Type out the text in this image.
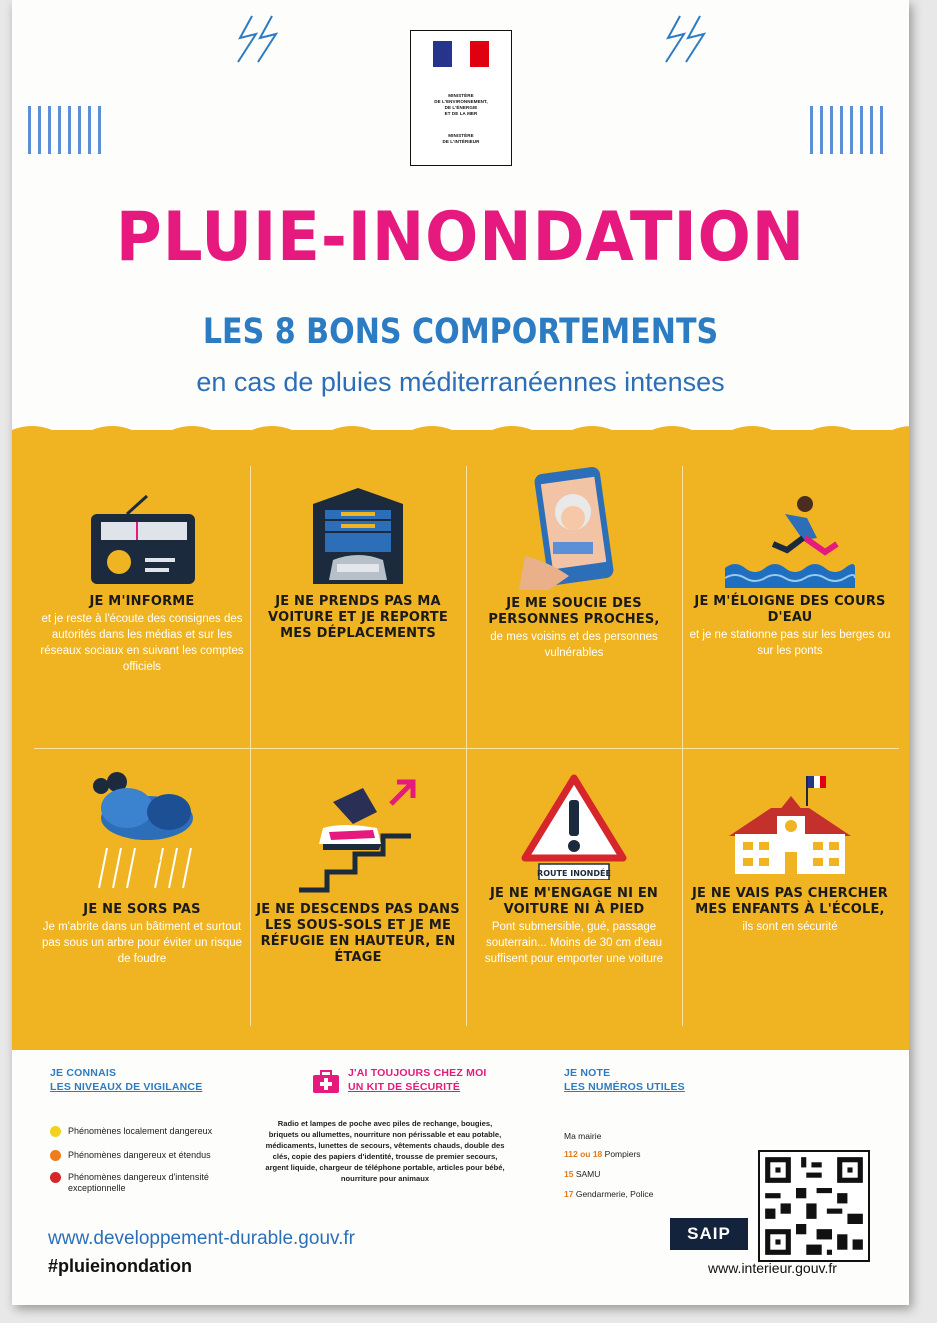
MINISTÈRE
DE L'ENVIRONNEMENT,
DE L'ÉNERGIE
ET DE LA MER
MINISTÈRE
DE L'INTÉRIEUR
PLUIE-INONDATION
LES 8 BONS COMPORTEMENTS
en cas de pluies méditerranéennes intenses
JE M'INFORME
et je reste à l'écoute des consignes des autorités dans les médias et sur les réseaux sociaux en suivant les comptes officiels
JE NE PRENDS PAS MA VOITURE ET JE REPORTE MES DÉPLACEMENTS
JE ME SOUCIE DES PERSONNES PROCHES,
de mes voisins et des personnes vulnérables
JE M'ÉLOIGNE DES COURS D'EAU
et je ne stationne pas sur les berges ou sur les ponts
JE NE SORS PAS
Je m'abrite dans un bâtiment et surtout pas sous un arbre pour éviter un risque de foudre
JE NE DESCENDS PAS DANS LES SOUS-SOLS ET JE ME RÉFUGIE EN HAUTEUR, EN ÉTAGE
ROUTE INONDÉE
JE NE M'ENGAGE NI EN VOITURE NI À PIED
Pont submersible, gué, passage souterrain... Moins de 30 cm d'eau suffisent pour emporter une voiture
JE NE VAIS PAS CHERCHER MES ENFANTS À L'ÉCOLE,
ils sont en sécurité
JE CONNAIS
LES NIVEAUX DE VIGILANCE
Phénomènes localement dangereux
Phénomènes dangereux et étendus
Phénomènes dangereux d'intensité exceptionnelle
J'AI TOUJOURS CHEZ MOI
UN KIT DE SÉCURITÉ
Radio et lampes de poche avec piles de rechange, bougies, briquets ou allumettes, nourriture non périssable et eau potable, médicaments, lunettes de secours, vêtements chauds, double des clés, copie des papiers d'identité, trousse de premier secours, argent liquide, chargeur de téléphone portable, articles pour bébé, nourriture pour animaux
JE NOTE
LES NUMÉROS UTILES
Ma mairie
112 ou 18 Pompiers
15 SAMU
17 Gendarmerie, Police
www.developpement-durable.gouv.fr
#pluieinondation
SAIP
www.interieur.gouv.fr
